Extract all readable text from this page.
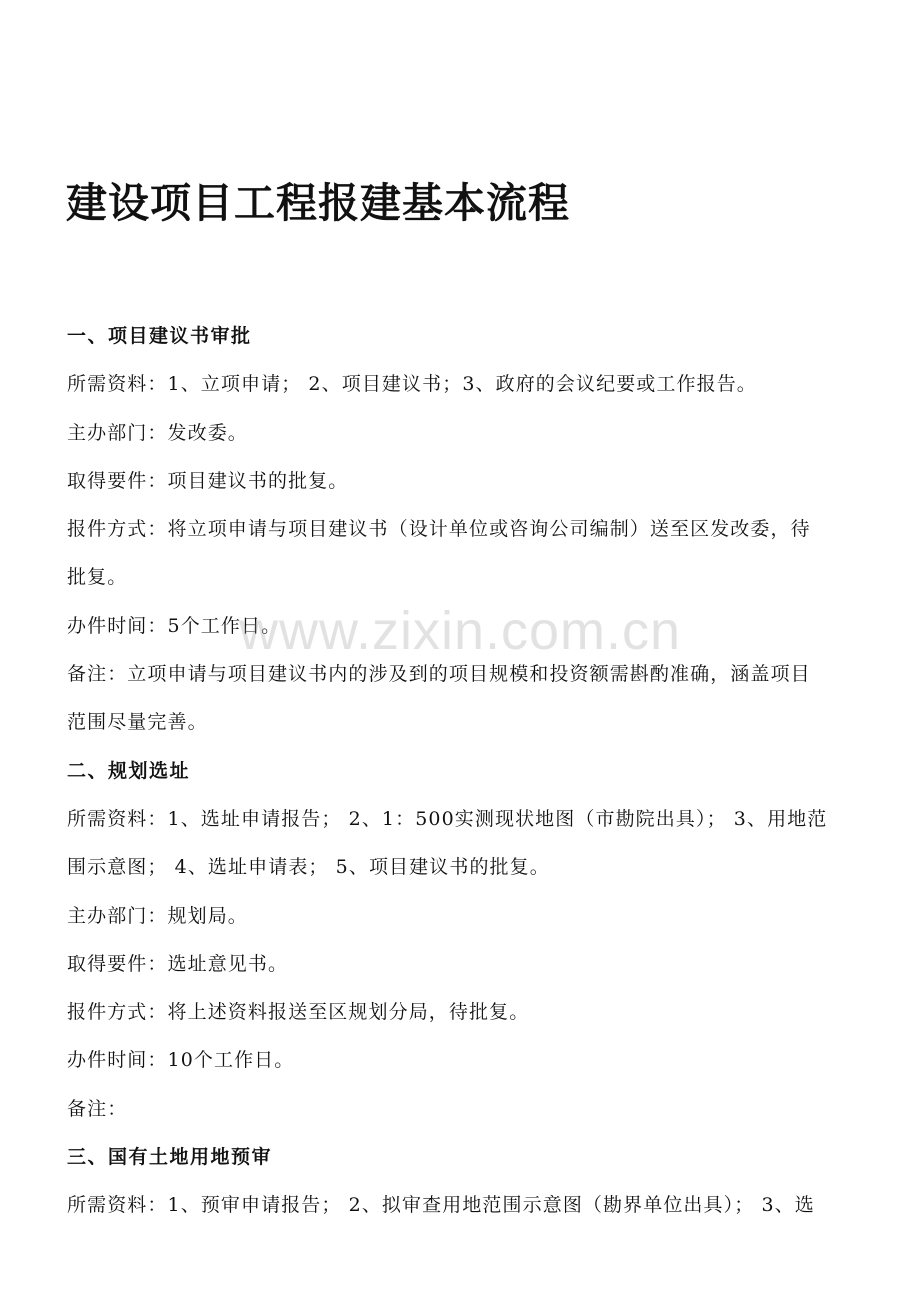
建设项目工程报建基本流程
一、项目建议书审批
所需资料：1、立项申请； 2、项目建议书；3、政府的会议纪要或工作报告。
主办部门：发改委。
取得要件：项目建议书的批复。
报件方式：将立项申请与项目建议书（设计单位或咨询公司编制）送至区发改委，待
批复。
办件时间：5个工作日。
备注：立项申请与项目建议书内的涉及到的项目规模和投资额需斟酌准确，涵盖项目
范围尽量完善。
二、规划选址
所需资料：1、选址申请报告； 2、1：500实测现状地图（市勘院出具）； 3、用地范
围示意图； 4、选址申请表； 5、项目建议书的批复。
主办部门：规划局。
取得要件：选址意见书。
报件方式：将上述资料报送至区规划分局，待批复。
办件时间：10个工作日。
备注：
三、国有土地用地预审
所需资料：1、预审申请报告； 2、拟审查用地范围示意图（勘界单位出具）； 3、选
www.zixin.com.cn
